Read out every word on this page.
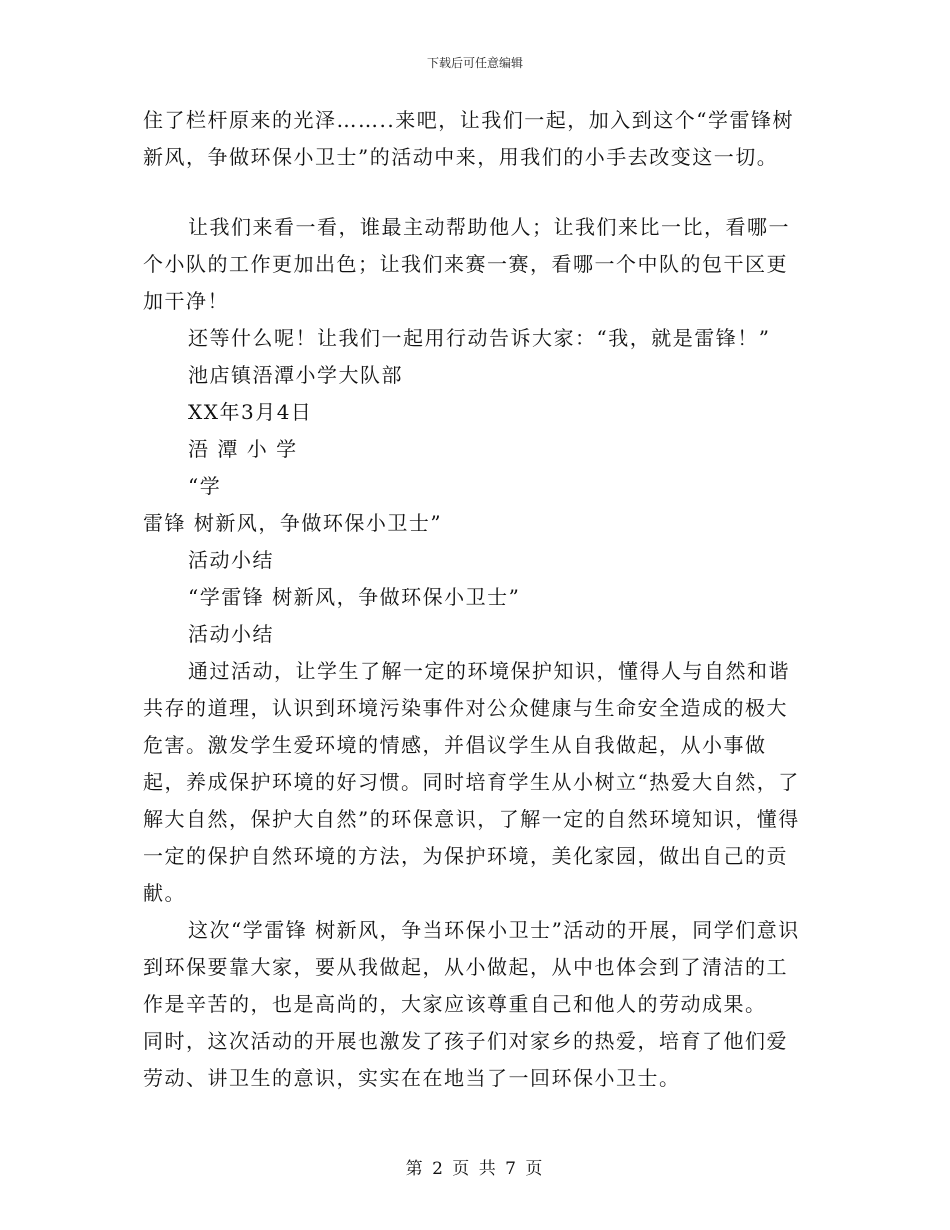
下载后可任意编辑

住了栏杆原来的光泽……..来吧，让我们一起，加入到这个“学雷锋树新风，争做环保小卫士”的活动中来，用我们的小手去改变这一切。

让我们来看一看，谁最主动帮助他人；让我们来比一比，看哪一个小队的工作更加出色；让我们来赛一赛，看哪一个中队的包干区更加干净！

还等什么呢！让我们一起用行动告诉大家：“我，就是雷锋！”

池店镇浯潭小学大队部

XX年3月4日

浯 潭 小 学

“学

雷锋 树新风，争做环保小卫士”

活动小结

“学雷锋 树新风，争做环保小卫士”

活动小结

通过活动，让学生了解一定的环境保护知识，懂得人与自然和谐共存的道理，认识到环境污染事件对公众健康与生命安全造成的极大危害。激发学生爱环境的情感，并倡议学生从自我做起，从小事做起，养成保护环境的好习惯。同时培育学生从小树立“热爱大自然，了解大自然，保护大自然”的环保意识，了解一定的自然环境知识，懂得一定的保护自然环境的方法，为保护环境，美化家园，做出自己的贡献。

这次“学雷锋 树新风，争当环保小卫士”活动的开展，同学们意识到环保要靠大家，要从我做起，从小做起，从中也体会到了清洁的工作是辛苦的，也是高尚的，大家应该尊重自己和他人的劳动成果。

同时，这次活动的开展也激发了孩子们对家乡的热爱，培育了他们爱劳动、讲卫生的意识，实实在在地当了一回环保小卫士。

第 2 页 共 7 页
